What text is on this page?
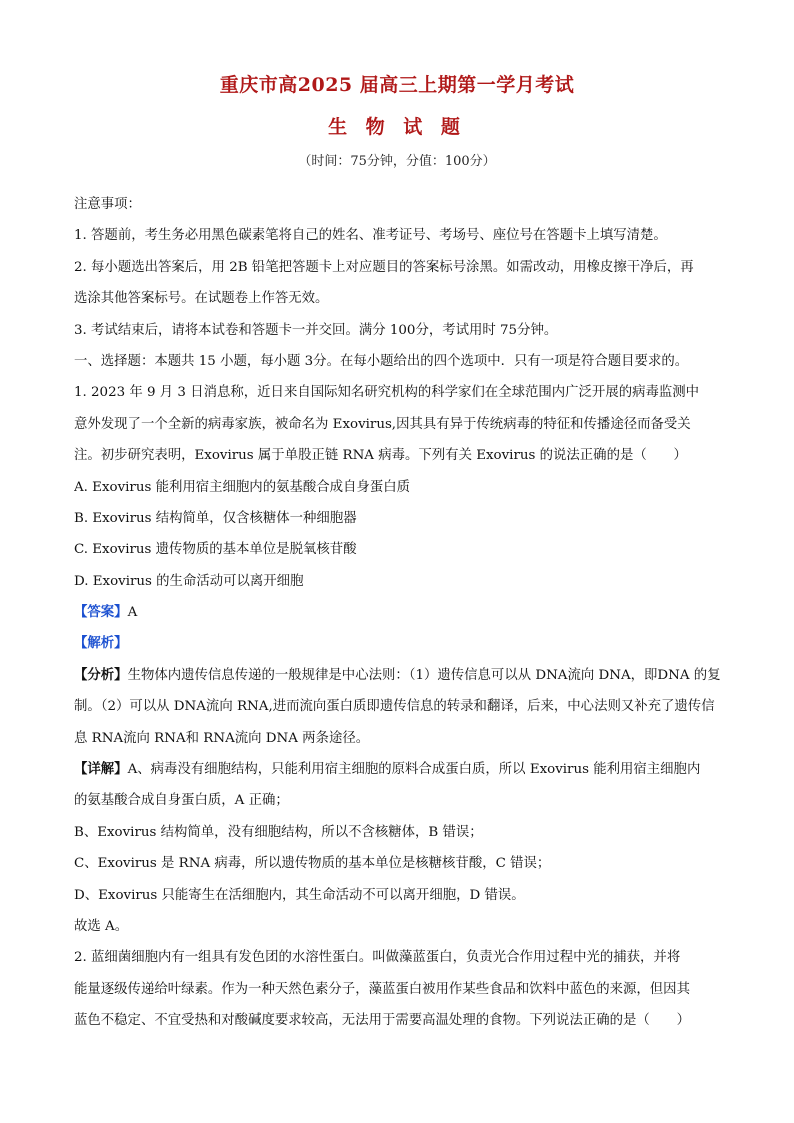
重庆市高2025 届高三上期第一学月考试
生 物 试 题
（时间：75分钟，分值：100分）
注意事项：
1. 答题前，考生务必用黑色碳素笔将自己的姓名、准考证号、考场号、座位号在答题卡上填写清楚。
2. 每小题选出答案后，用 2B 铅笔把答题卡上对应题目的答案标号涂黑。如需改动，用橡皮擦干净后，再
选涂其他答案标号。在试题卷上作答无效。
3. 考试结束后，请将本试卷和答题卡一并交回。满分 100分，考试用时 75分钟。
一、选择题：本题共 15 小题，每小题 3分。在每小题给出的四个选项中．只有一项是符合题目要求的。
1. 2023 年 9 月 3 日消息称，近日来自国际知名研究机构的科学家们在全球范围内广泛开展的病毒监测中
意外发现了一个全新的病毒家族，被命名为 Exovirus,因其具有异于传统病毒的特征和传播途径而备受关
注。初步研究表明，Exovirus 属于单股正链 RNA 病毒。下列有关 Exovirus 的说法正确的是（　　）
A. Exovirus 能利用宿主细胞内的氨基酸合成自身蛋白质
B. Exovirus 结构简单，仅含核糖体一种细胞器
C. Exovirus 遗传物质的基本单位是脱氧核苷酸
D. Exovirus 的生命活动可以离开细胞
【答案】A
【解析】
【分析】生物体内遗传信息传递的一般规律是中心法则：（1）遗传信息可以从 DNA流向 DNA，即DNA 的复
制。（2）可以从 DNA流向 RNA,进而流向蛋白质即遗传信息的转录和翻译，后来，中心法则又补充了遗传信
息 RNA流向 RNA和 RNA流向 DNA 两条途径。
【详解】A、病毒没有细胞结构，只能利用宿主细胞的原料合成蛋白质，所以 Exovirus 能利用宿主细胞内
的氨基酸合成自身蛋白质，A 正确；
B、Exovirus 结构简单，没有细胞结构，所以不含核糖体，B 错误；
C、Exovirus 是 RNA 病毒，所以遗传物质的基本单位是核糖核苷酸，C 错误；
D、Exovirus 只能寄生在活细胞内，其生命活动不可以离开细胞，D 错误。
故选 A。
2. 蓝细菌细胞内有一组具有发色团的水溶性蛋白。叫做藻蓝蛋白，负责光合作用过程中光的捕获，并将
能量逐级传递给叶绿素。作为一种天然色素分子，藻蓝蛋白被用作某些食品和饮料中蓝色的来源，但因其
蓝色不稳定、不宜受热和对酸碱度要求较高，无法用于需要高温处理的食物。下列说法正确的是（　　）
